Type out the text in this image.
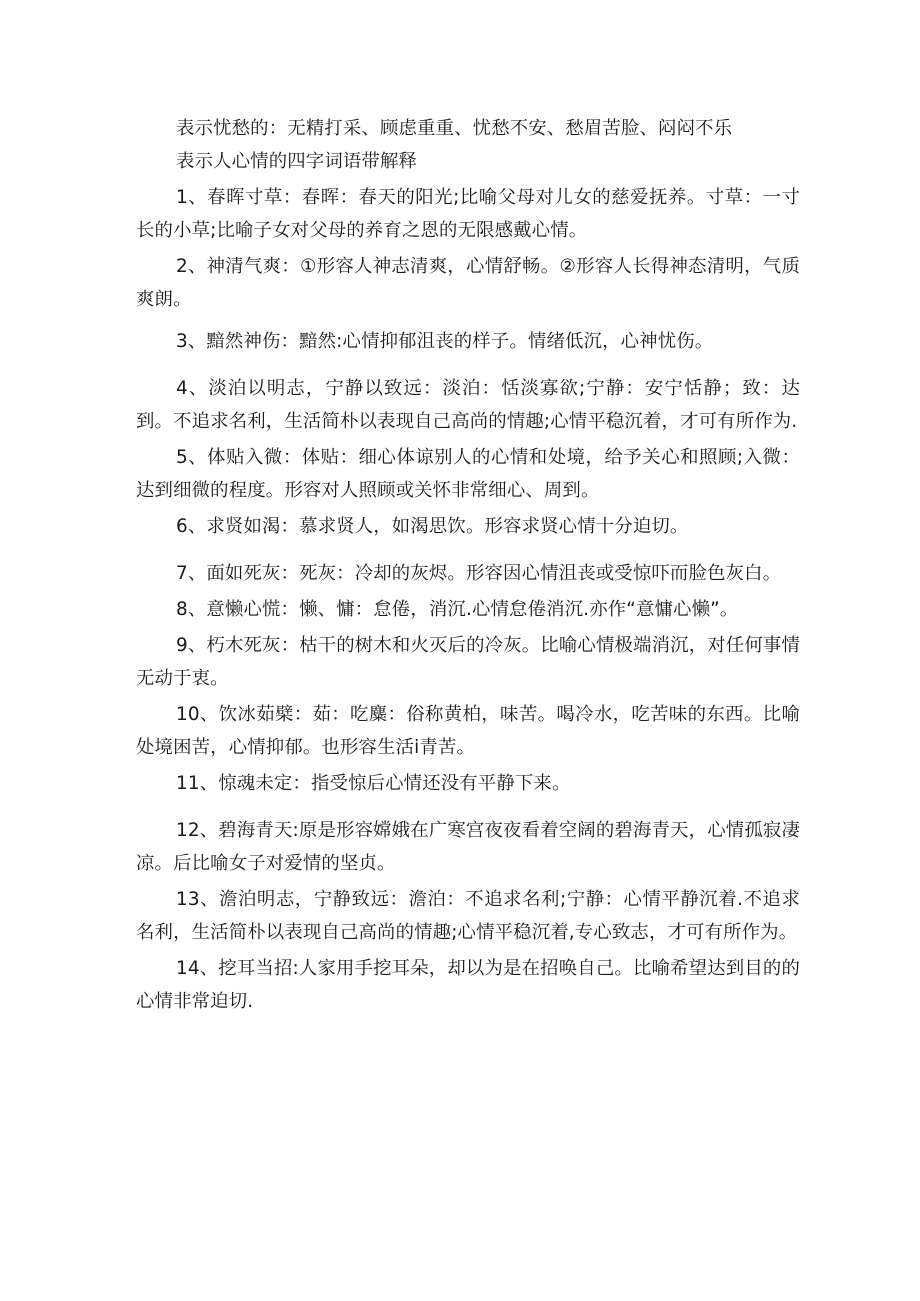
表示忧愁的：无精打采、顾虑重重、忧愁不安、愁眉苦脸、闷闷不乐

表示人心情的四字词语带解释

1、春晖寸草：春晖：春天的阳光;比喻父母对儿女的慈爱抚养。寸草：一寸长的小草;比喻子女对父母的养育之恩的无限感戴心情。

2、神清气爽：①形容人神志清爽，心情舒畅。②形容人长得神态清明，气质爽朗。

3、黯然神伤：黯然:心情抑郁沮丧的样子。情绪低沉，心神忧伤。

4、淡泊以明志，宁静以致远：淡泊：恬淡寡欲;宁静：安宁恬静；致：达到。不追求名利，生活简朴以表现自己高尚的情趣;心情平稳沉着，才可有所作为.

5、体贴入微：体贴：细心体谅别人的心情和处境，给予关心和照顾;入微：达到细微的程度。形容对人照顾或关怀非常细心、周到。

6、求贤如渴：慕求贤人，如渴思饮。形容求贤心情十分迫切。

7、面如死灰：死灰：冷却的灰烬。形容因心情沮丧或受惊吓而脸色灰白。

8、意懒心慌：懒、慵：怠倦，消沉.心情怠倦消沉.亦作“意慵心懒”。

9、朽木死灰：枯干的树木和火灭后的冷灰。比喻心情极端消沉，对任何事情无动于衷。

10、饮冰茹檗：茹：吃麋：俗称黄柏，味苦。喝冷水，吃苦味的东西。比喻处境困苦，心情抑郁。也形容生活i青苦。

11、惊魂未定：指受惊后心情还没有平静下来。

12、碧海青天:原是形容嫦娥在广寒宫夜夜看着空阔的碧海青天，心情孤寂凄凉。后比喻女子对爱情的坚贞。

13、澹泊明志，宁静致远：澹泊：不追求名利;宁静：心情平静沉着.不追求名利，生活简朴以表现自己高尚的情趣;心情平稳沉着,专心致志，才可有所作为。

14、挖耳当招:人家用手挖耳朵，却以为是在招唤自己。比喻希望达到目的的心情非常迫切.
